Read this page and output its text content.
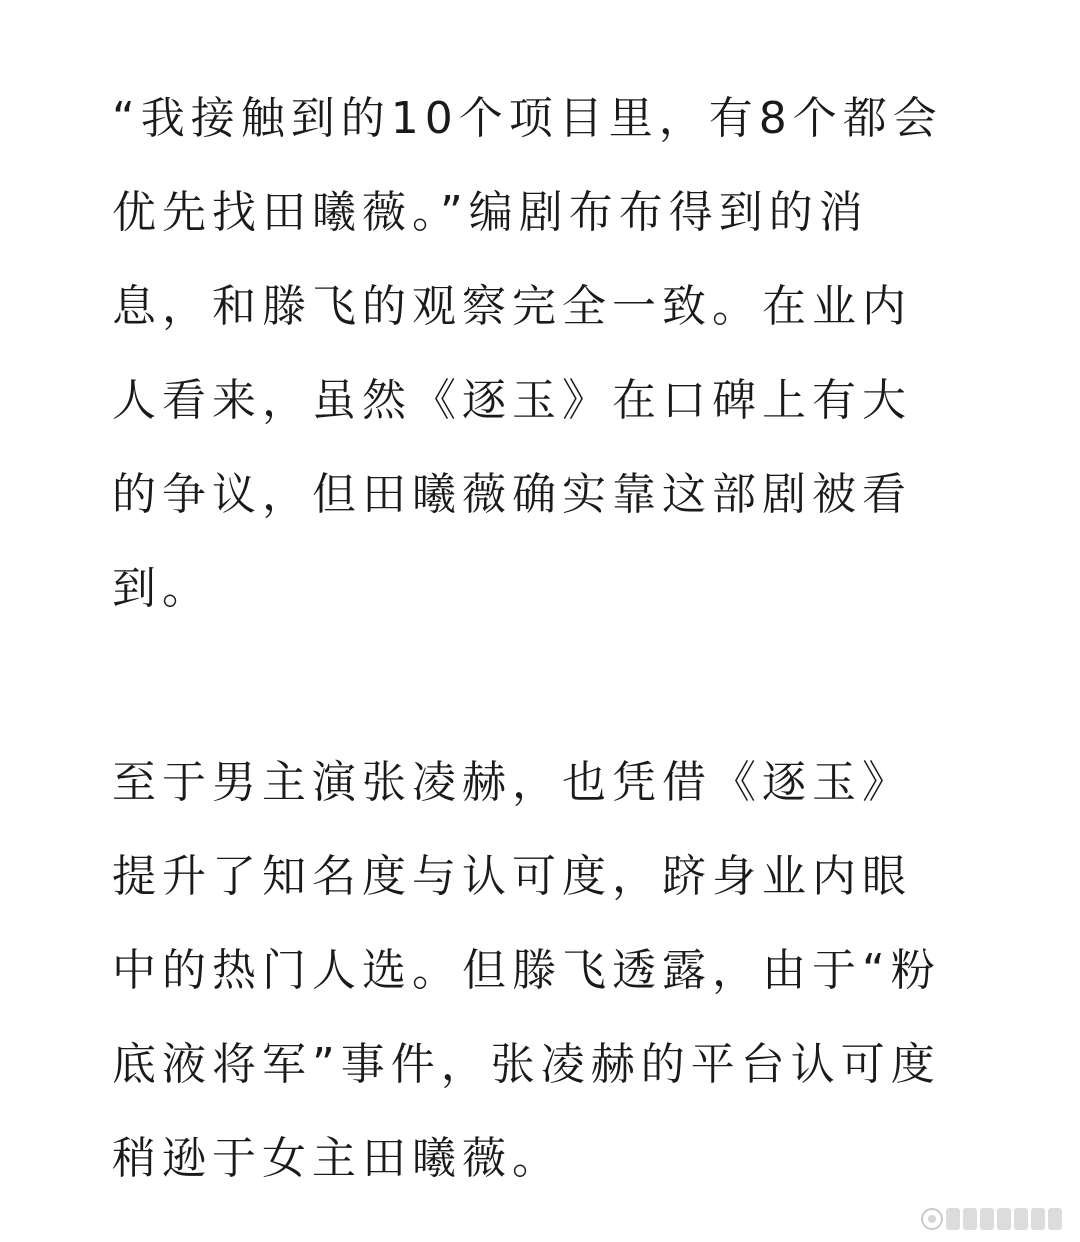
“我接触到的10个项目里，有8个都会
优先找田曦薇。”编剧布布得到的消
息，和滕飞的观察完全一致。在业内
人看来，虽然《逐玉》在口碑上有大
的争议，但田曦薇确实靠这部剧被看
到。

至于男主演张凌赫，也凭借《逐玉》
提升了知名度与认可度，跻身业内眼
中的热门人选。但滕飞透露，由于“粉
底液将军”事件，张凌赫的平台认可度
稍逊于女主田曦薇。
